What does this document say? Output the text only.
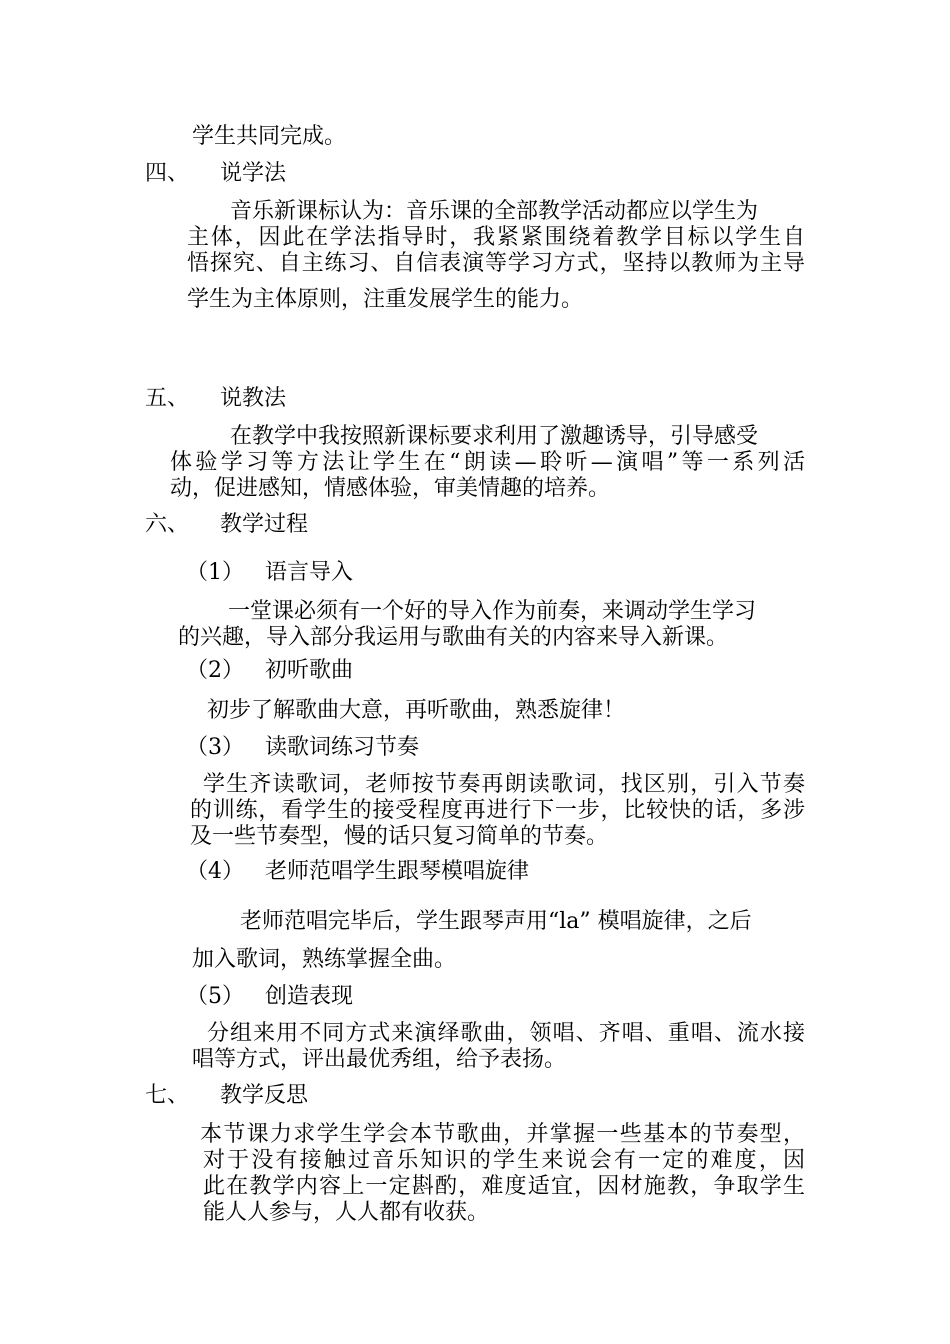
学生共同完成。
四、 说学法
音乐新课标认为：音乐课的全部教学活动都应以学生为
主体，因此在学法指导时，我紧紧围绕着教学目标以学生自
悟探究、自主练习、自信表演等学习方式，坚持以教师为主导
学生为主体原则，注重发展学生的能力。
五、 说教法
在教学中我按照新课标要求利用了激趣诱导，引导感受
体验学习等方法让学生在“朗读—聆听—演唱”等一系列活
动，促进感知，情感体验，审美情趣的培养。
六、 教学过程
（1） 语言导入
一堂课必须有一个好的导入作为前奏，来调动学生学习
的兴趣，导入部分我运用与歌曲有关的内容来导入新课。
（2） 初听歌曲
初步了解歌曲大意，再听歌曲，熟悉旋律！
（3） 读歌词练习节奏
学生齐读歌词，老师按节奏再朗读歌词，找区别，引入节奏
的训练，看学生的接受程度再进行下一步，比较快的话，多涉
及一些节奏型，慢的话只复习简单的节奏。
（4） 老师范唱学生跟琴模唱旋律
老师范唱完毕后，学生跟琴声用“la” 模唱旋律，之后
加入歌词，熟练掌握全曲。
（5） 创造表现
分组来用不同方式来演绎歌曲，领唱、齐唱、重唱、流水接
唱等方式，评出最优秀组，给予表扬。
七、 教学反思
本节课力求学生学会本节歌曲，并掌握一些基本的节奏型，
对于没有接触过音乐知识的学生来说会有一定的难度，因
此在教学内容上一定斟酌，难度适宜，因材施教，争取学生
能人人参与，人人都有收获。
